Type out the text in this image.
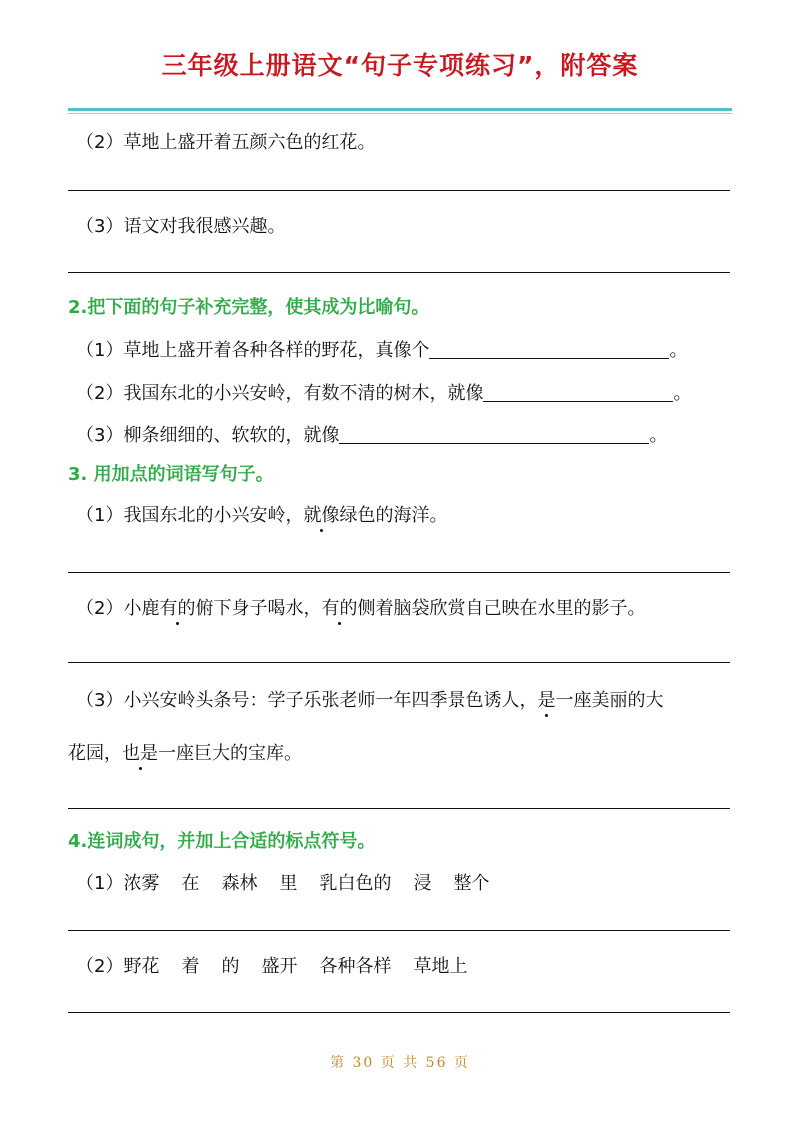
三年级上册语文“句子专项练习”，附答案
（2）草地上盛开着五颜六色的红花。
（3）语文对我很感兴趣。
2.把下面的句子补充完整，使其成为比喻句。
（1）草地上盛开着各种各样的野花，真像个	。
（2）我国东北的小兴安岭，有数不清的树木，就像	。
（3）柳条细细的、软软的，就像	。
3. 用加点的词语写句子。
（1）我国东北的小兴安岭，就像绿色的海洋。
（2）小鹿有的俯下身子喝水，有的侧着脑袋欣赏自己映在水里的影子。
（3）小兴安岭头条号：学子乐张老师一年四季景色诱人，是一座美丽的大
花园，也是一座巨大的宝库。
4.连词成句，并加上合适的标点符号。
（1）浓雾 在 森林 里 乳白色的 浸 整个
（2）野花 着 的 盛开 各种各样 草地上
第 30 页 共 56 页
